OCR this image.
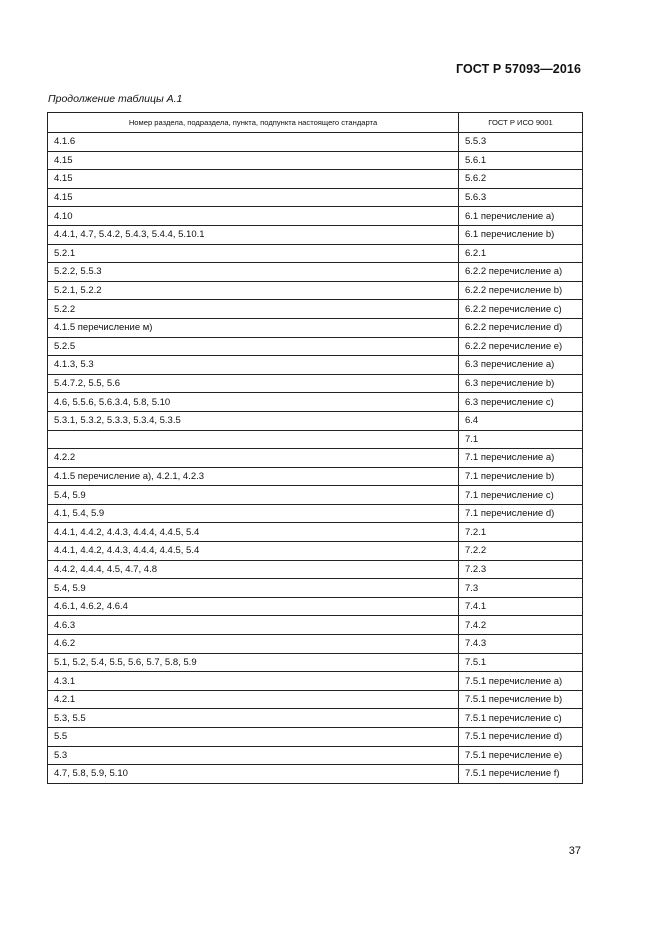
ГОСТ Р 57093—2016
Продолжение таблицы А.1
Номер раздела, подраздела, пункта, подпункта настоящего стандарта	ГОСТ Р ИСО 9001
4.1.6	5.5.3
4.15	5.6.1
4.15	5.6.2
4.15	5.6.3
4.10	6.1 перечисление а)
4.4.1, 4.7, 5.4.2, 5.4.3, 5.4.4, 5.10.1	6.1 перечисление b)
5.2.1	6.2.1
5.2.2, 5.5.3	6.2.2 перечисление а)
5.2.1, 5.2.2	6.2.2 перечисление b)
5.2.2	6.2.2 перечисление с)
4.1.5 перечисление м)	6.2.2 перечисление d)
5.2.5	6.2.2 перечисление е)
4.1.3, 5.3	6.3 перечисление а)
5.4.7.2, 5.5, 5.6	6.3 перечисление b)
4.6, 5.5.6, 5.6.3.4, 5.8, 5.10	6.3 перечисление с)
5.3.1, 5.3.2, 5.3.3, 5.3.4, 5.3.5	6.4
	7.1
4.2.2	7.1 перечисление а)
4.1.5 перечисление а), 4.2.1, 4.2.3	7.1 перечисление b)
5.4, 5.9	7.1 перечисление с)
4.1, 5.4, 5.9	7.1 перечисление d)
4.4.1, 4.4.2, 4.4.3, 4.4.4, 4.4.5, 5.4	7.2.1
4.4.1, 4.4.2, 4.4.3, 4.4.4, 4.4.5, 5.4	7.2.2
4.4.2, 4.4.4, 4.5, 4.7, 4.8	7.2.3
5.4, 5.9	7.3
4.6.1, 4.6.2, 4.6.4	7.4.1
4.6.3	7.4.2
4.6.2	7.4.3
5.1, 5.2, 5.4, 5.5, 5.6, 5.7, 5.8, 5.9	7.5.1
4.3.1	7.5.1 перечисление а)
4.2.1	7.5.1 перечисление b)
5.3, 5.5	7.5.1 перечисление с)
5.5	7.5.1 перечисление d)
5.3	7.5.1 перечисление е)
4.7, 5.8, 5.9, 5.10	7.5.1 перечисление f)
37
